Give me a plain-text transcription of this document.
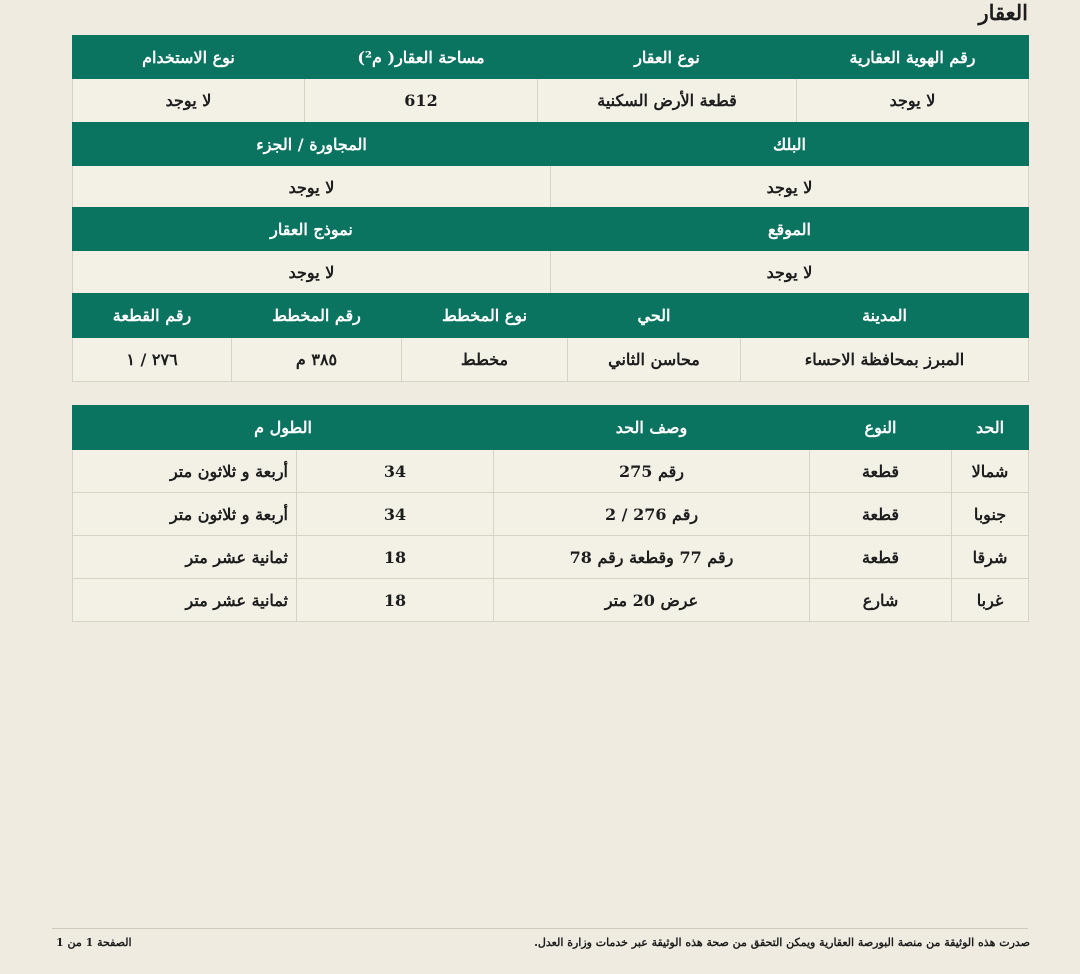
العقار
رقم الهوية العقارية	نوع العقار	مساحة العقار( م²)	نوع الاستخدام
لا يوجد	قطعة الأرض السكنية	612	لا يوجد
البلك	المجاورة / الجزء
لا يوجد	لا يوجد
الموقع	نموذج العقار
لا يوجد	لا يوجد
المدينة	الحي	نوع المخطط	رقم المخطط	رقم القطعة
المبرز بمحافظة الاحساء	محاسن الثاني	مخطط	٣٨٥ م	٢٧٦ / ١
الحد	النوع	وصف الحد	الطول م	
شمالا	قطعة	رقم 275	34	أربعة و ثلاثون متر
جنوبا	قطعة	رقم 276 / 2	34	أربعة و ثلاثون متر
شرقا	قطعة	رقم 77 وقطعة رقم 78	18	ثمانية عشر متر
غربا	شارع	عرض 20 متر	18	ثمانية عشر متر
صدرت هذه الوثيقة من منصة البورصة العقارية ويمكن التحقق من صحة هذه الوثيقة عبر خدمات وزارة العدل.
الصفحة 1 من 1
